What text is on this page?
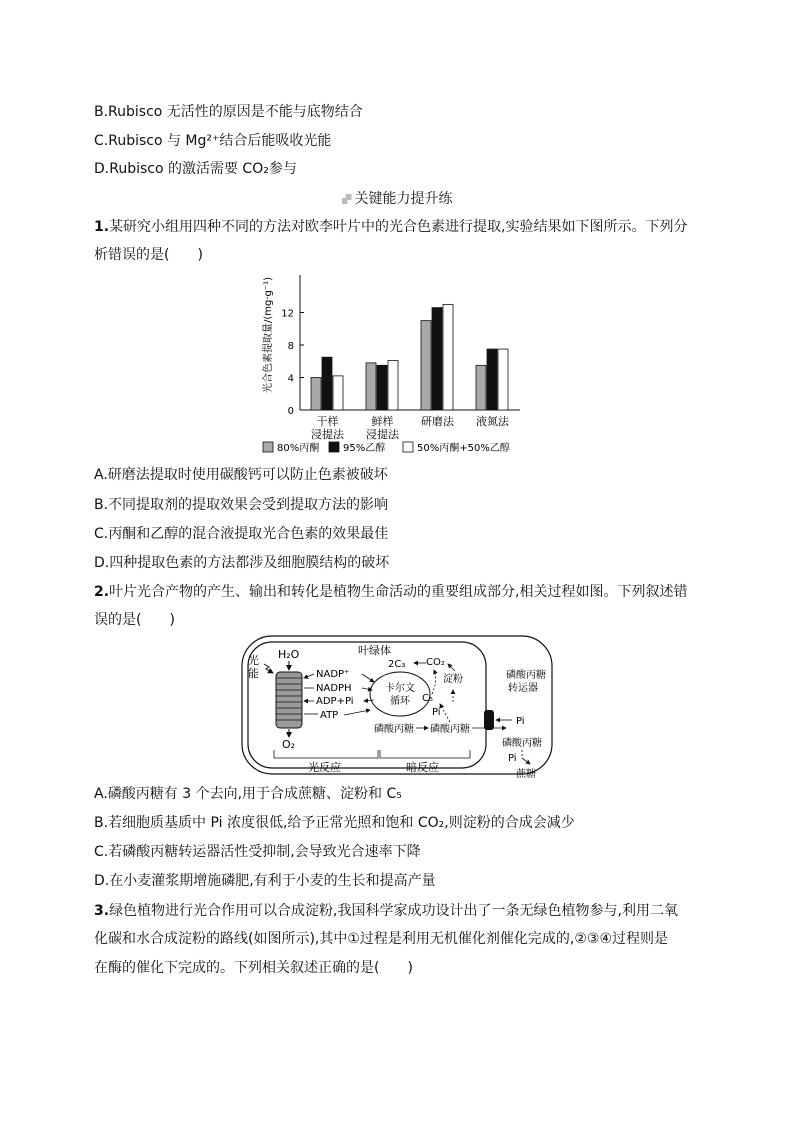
B.Rubisco 无活性的原因是不能与底物结合
C.Rubisco 与 Mg²⁺结合后能吸收光能
D.Rubisco 的激活需要 CO₂参与
关键能力提升练
1.某研究小组用四种不同的方法对欧李叶片中的光合色素进行提取,实验结果如下图所示。下列分
析错误的是(　　)
0
4
8
12
光合色素提取量/(mg·g⁻¹)
干样
浸提法
鲜样
浸提法
研磨法 液氮法
80%丙酮 95%乙醇	50%丙酮+50%乙醇
A.研磨法提取时使用碳酸钙可以防止色素被破坏
B.不同提取剂的提取效果会受到提取方法的影响
C.丙酮和乙醇的混合液提取光合色素的效果最佳
D.四种提取色素的方法都涉及细胞膜结构的破坏
2.叶片光合产物的产生、输出和转化是植物生命活动的重要组成部分,相关过程如图。下列叙述错
误的是(　　)
叶绿体
光
能
H₂O
O₂
NADP⁺
NADPH
ADP+Pi
ATP
卡尔文
循环
2C₃ CO₂
C₅
淀粉
Pi
磷酸丙糖 磷酸丙糖
磷酸丙糖
转运器
Pi
磷酸丙糖
Pi
蔗糖
光反应	暗反应
A.磷酸丙糖有 3 个去向,用于合成蔗糖、淀粉和 C₅
B.若细胞质基质中 Pi 浓度很低,给予正常光照和饱和 CO₂,则淀粉的合成会减少
C.若磷酸丙糖转运器活性受抑制,会导致光合速率下降
D.在小麦灌浆期增施磷肥,有利于小麦的生长和提高产量
3.绿色植物进行光合作用可以合成淀粉,我国科学家成功设计出了一条无绿色植物参与,利用二氧
化碳和水合成淀粉的路线(如图所示),其中①过程是利用无机催化剂催化完成的,②③④过程则是
在酶的催化下完成的。下列相关叙述正确的是(　　)
